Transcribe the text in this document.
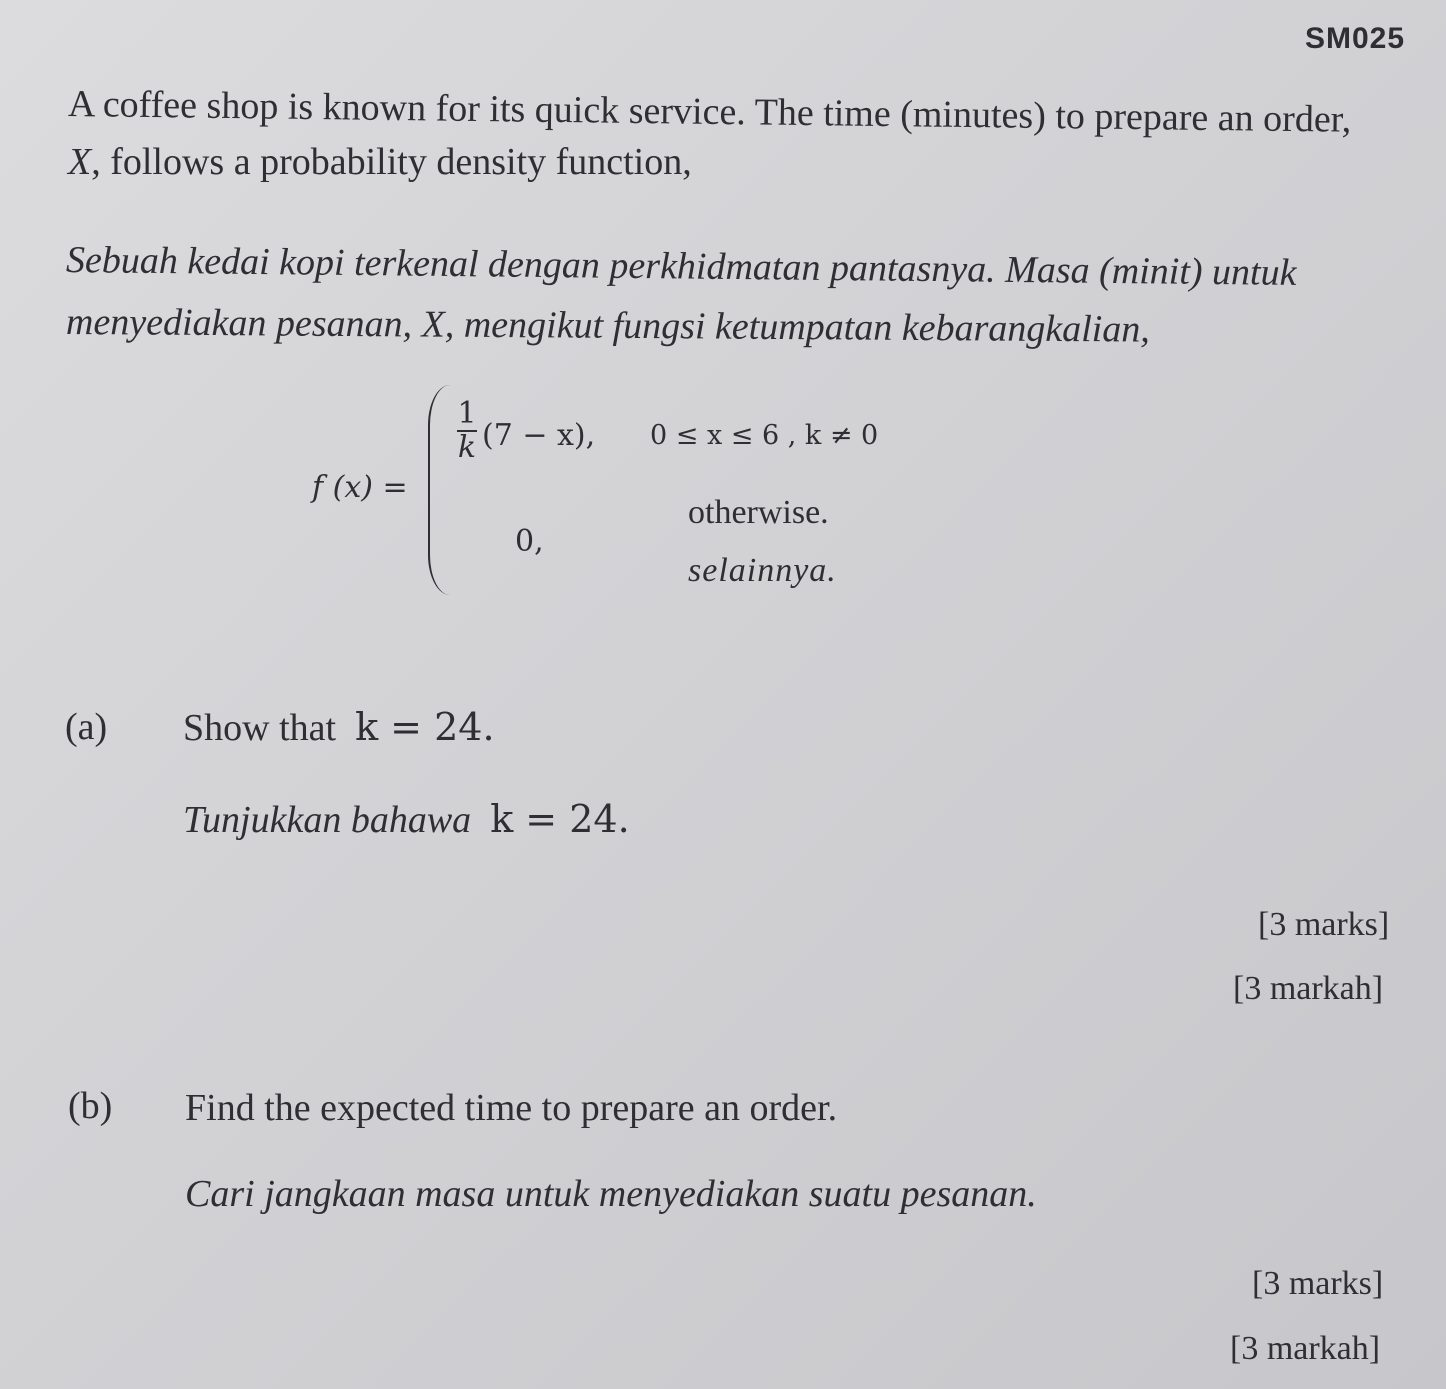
SM025
A coffee shop is known for its quick service. The time (minutes) to prepare an order,
X, follows a probability density function,
Sebuah kedai kopi terkenal dengan perkhidmatan pantasnya. Masa (minit) untuk
menyediakan pesanan, X, mengikut fungsi ketumpatan kebarangkalian,
f (x) =
1
k (7 − x), 0 ≤ x ≤ 6 , k ≠ 0
0,
otherwise.
selainnya.
(a) Show that k = 24.
Tunjukkan bahawa k = 24.
[3 marks]
[3 markah]
(b) Find the expected time to prepare an order.
Cari jangkaan masa untuk menyediakan suatu pesanan.
[3 marks]
[3 markah]
